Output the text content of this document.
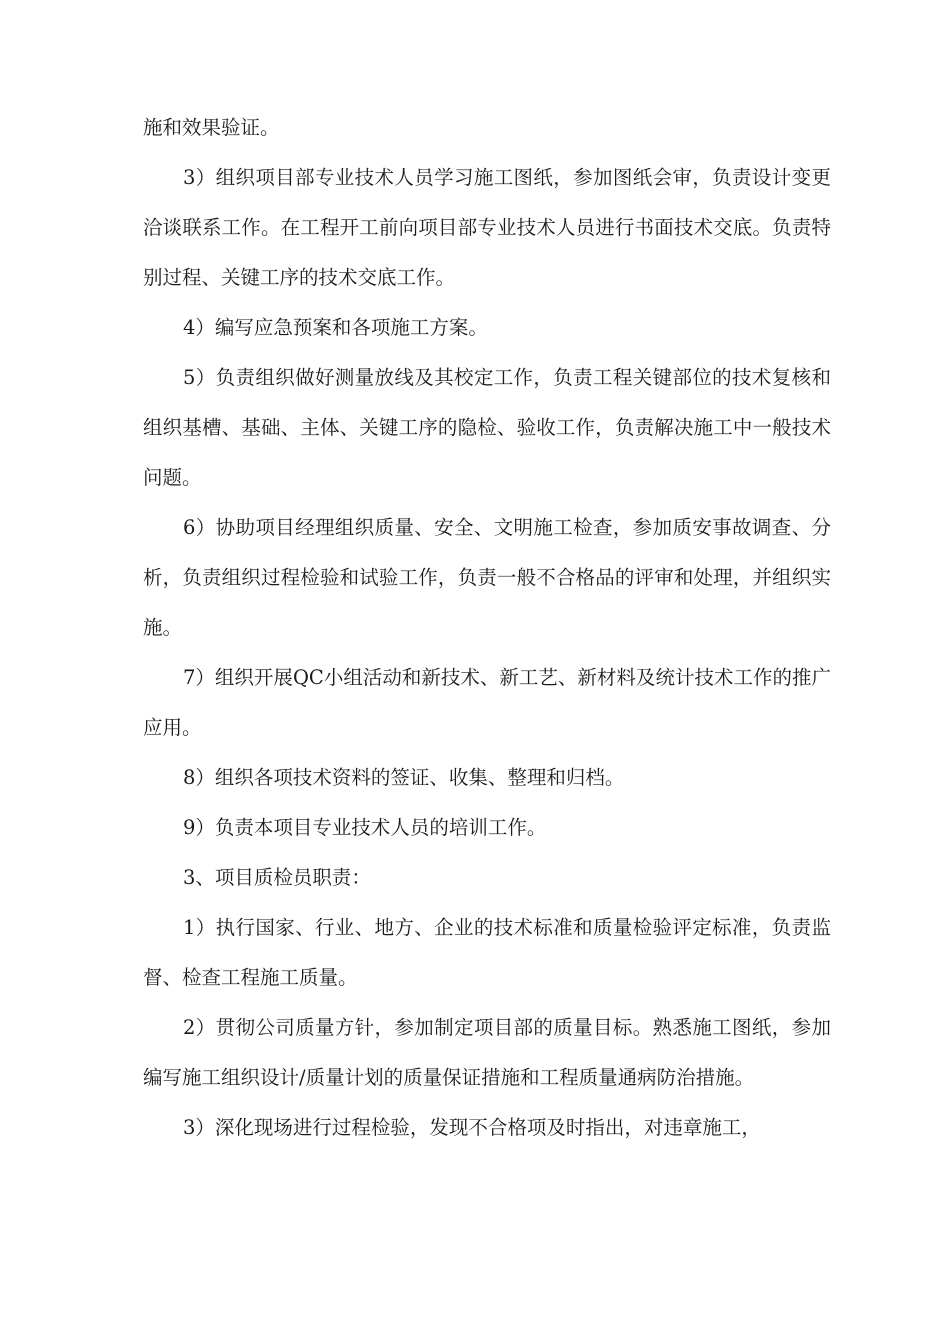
施和效果验证。

3）组织项目部专业技术人员学习施工图纸，参加图纸会审，负责设计变更洽谈联系工作。在工程开工前向项目部专业技术人员进行书面技术交底。负责特别过程、关键工序的技术交底工作。

4）编写应急预案和各项施工方案。

5）负责组织做好测量放线及其校定工作，负责工程关键部位的技术复核和组织基槽、基础、主体、关键工序的隐检、验收工作，负责解决施工中一般技术问题。

6）协助项目经理组织质量、安全、文明施工检查，参加质安事故调查、分析，负责组织过程检验和试验工作，负责一般不合格品的评审和处理，并组织实施。

7）组织开展QC小组活动和新技术、新工艺、新材料及统计技术工作的推广应用。

8）组织各项技术资料的签证、收集、整理和归档。

9）负责本项目专业技术人员的培训工作。

3、项目质检员职责：

1）执行国家、行业、地方、企业的技术标准和质量检验评定标准，负责监督、检查工程施工质量。

2）贯彻公司质量方针，参加制定项目部的质量目标。熟悉施工图纸，参加编写施工组织设计/质量计划的质量保证措施和工程质量通病防治措施。

3）深化现场进行过程检验，发现不合格项及时指出，对违章施工，
